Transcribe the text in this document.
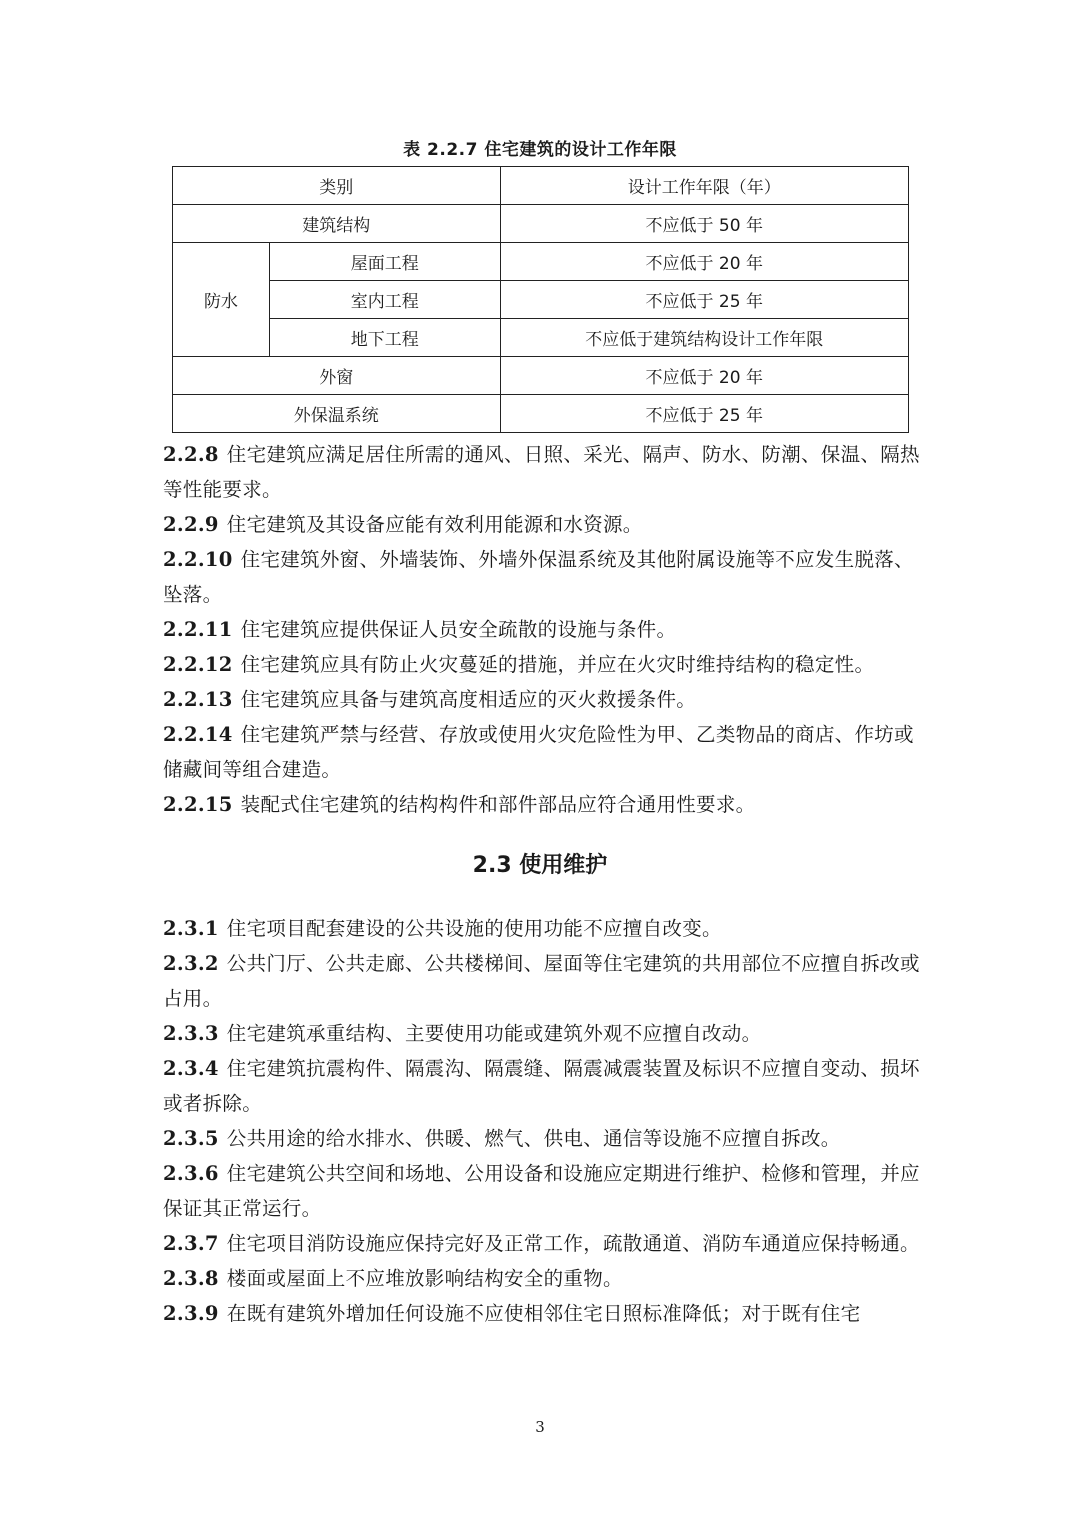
表 2.2.7 住宅建筑的设计工作年限
类别		设计工作年限（年）
建筑结构		不应低于 50 年
防水	屋面工程	不应低于 20 年
	室内工程	不应低于 25 年
	地下工程	不应低于建筑结构设计工作年限
外窗		不应低于 20 年
外保温系统		不应低于 25 年

2.2.8 住宅建筑应满足居住所需的通风、日照、采光、隔声、防水、防潮、保温、隔热等性能要求。

2.2.9 住宅建筑及其设备应能有效利用能源和水资源。

2.2.10 住宅建筑外窗、外墙装饰、外墙外保温系统及其他附属设施等不应发生脱落、坠落。

2.2.11 住宅建筑应提供保证人员安全疏散的设施与条件。

2.2.12 住宅建筑应具有防止火灾蔓延的措施，并应在火灾时维持结构的稳定性。

2.2.13 住宅建筑应具备与建筑高度相适应的灭火救援条件。

2.2.14 住宅建筑严禁与经营、存放或使用火灾危险性为甲、乙类物品的商店、作坊或储藏间等组合建造。

2.2.15 装配式住宅建筑的结构构件和部件部品应符合通用性要求。

2.3 使用维护

2.3.1 住宅项目配套建设的公共设施的使用功能不应擅自改变。

2.3.2 公共门厅、公共走廊、公共楼梯间、屋面等住宅建筑的共用部位不应擅自拆改或占用。

2.3.3 住宅建筑承重结构、主要使用功能或建筑外观不应擅自改动。

2.3.4 住宅建筑抗震构件、隔震沟、隔震缝、隔震减震装置及标识不应擅自变动、损坏或者拆除。

2.3.5 公共用途的给水排水、供暖、燃气、供电、通信等设施不应擅自拆改。

2.3.6 住宅建筑公共空间和场地、公用设备和设施应定期进行维护、检修和管理，并应保证其正常运行。

2.3.7 住宅项目消防设施应保持完好及正常工作，疏散通道、消防车通道应保持畅通。

2.3.8 楼面或屋面上不应堆放影响结构安全的重物。

2.3.9 在既有建筑外增加任何设施不应使相邻住宅日照标准降低；对于既有住宅

3
